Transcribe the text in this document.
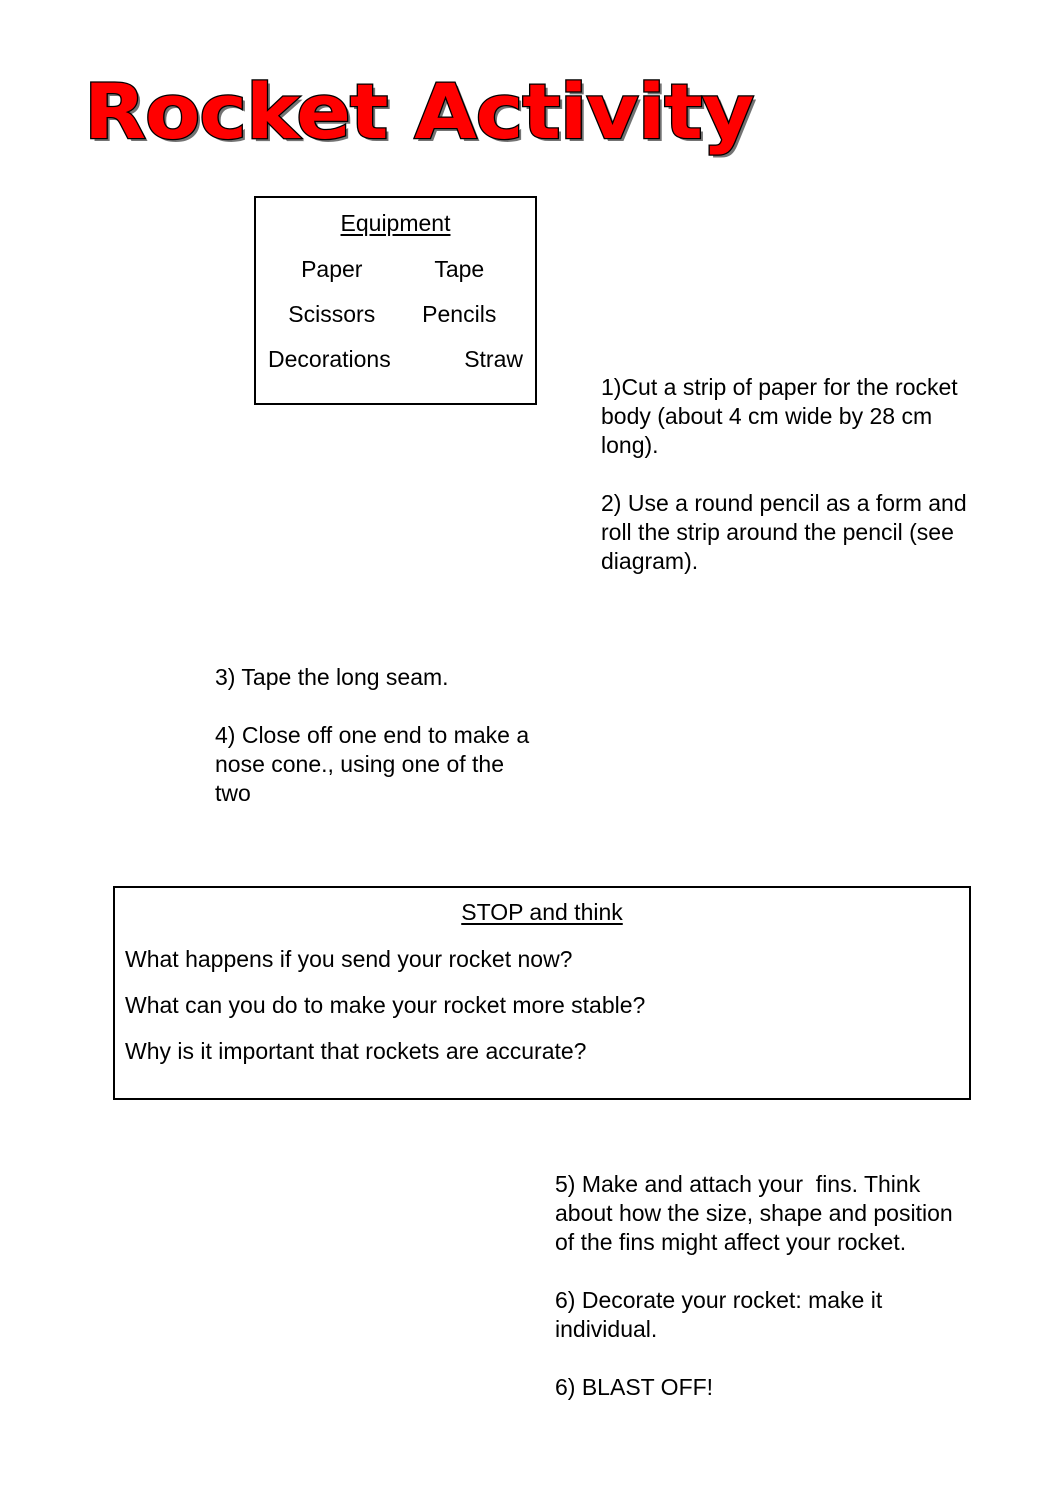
Rocket Activity
Equipment
Paper	Tape
Scissors	Pencils
Decorations	Straw

1)Cut a strip of paper for the rocket body (about 4 cm wide by 28 cm long).

2) Use a round pencil as a form and roll the strip around the pencil (see diagram).

3) Tape the long seam.

4) Close off one end to make a nose cone., using one of the two

STOP and think
What happens if you send your rocket now?
What can you do to make your rocket more stable?
Why is it important that rockets are accurate?

5) Make and attach your  fins. Think about how the size, shape and position of the fins might affect your rocket.

6) Decorate your rocket: make it individual.

6) BLAST OFF!
